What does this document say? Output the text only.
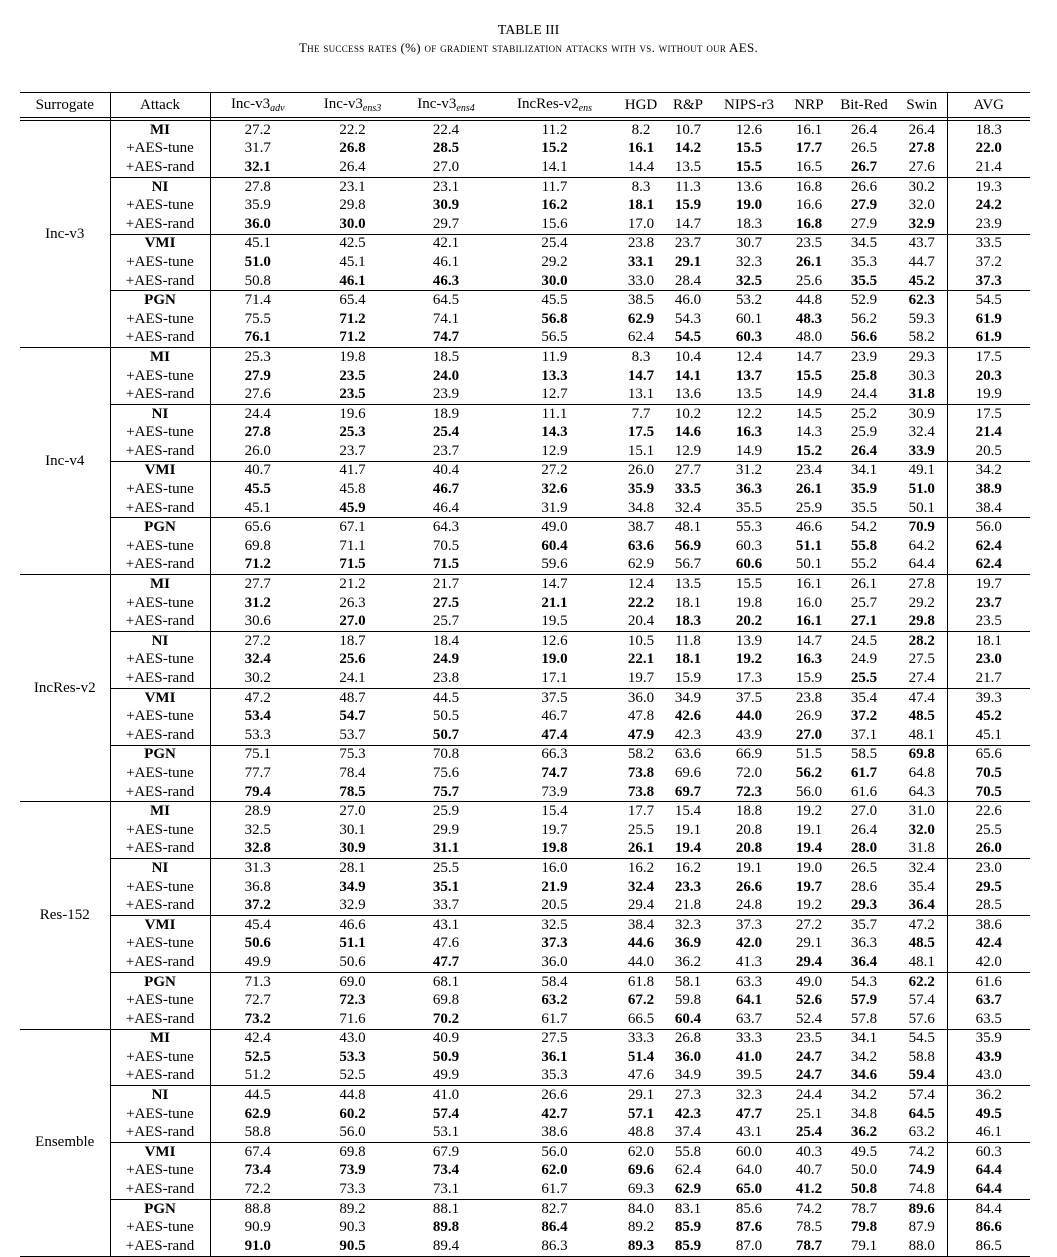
TABLE III
The success rates (%) of gradient stabilization attacks with vs. without our AES.
Surrogate	Attack	Inc-$v3_{adv}$	Inc-$v3_{ens3}$	Inc-$v3_{ens4}$	IncRes-$v2_{ens}$	HGD	R&P	NIPS-r3	NRP	Bit-Red	Swin	AVG

Inc-v3	MI	27.2	22.2	22.4	11.2	8.2	10.7	12.6	16.1	26.4	26.4	18.3
	+AES-tune	31.7	26.8	28.5	15.2	16.1	14.2	15.5	17.7	26.5	27.8	22.0
	+AES-rand	32.1	26.4	27.0	14.1	14.4	13.5	15.5	16.5	26.7	27.6	21.4
	NI	27.8	23.1	23.1	11.7	8.3	11.3	13.6	16.8	26.6	30.2	19.3
	+AES-tune	35.9	29.8	30.9	16.2	18.1	15.9	19.0	16.6	27.9	32.0	24.2
	+AES-rand	36.0	30.0	29.7	15.6	17.0	14.7	18.3	16.8	27.9	32.9	23.9
	VMI	45.1	42.5	42.1	25.4	23.8	23.7	30.7	23.5	34.5	43.7	33.5
	+AES-tune	51.0	45.1	46.1	29.2	33.1	29.1	32.3	26.1	35.3	44.7	37.2
	+AES-rand	50.8	46.1	46.3	30.0	33.0	28.4	32.5	25.6	35.5	45.2	37.3
	PGN	71.4	65.4	64.5	45.5	38.5	46.0	53.2	44.8	52.9	62.3	54.5
	+AES-tune	75.5	71.2	74.1	56.8	62.9	54.3	60.1	48.3	56.2	59.3	61.9
	+AES-rand	76.1	71.2	74.7	56.5	62.4	54.5	60.3	48.0	56.6	58.2	61.9
Inc-v4	MI	25.3	19.8	18.5	11.9	8.3	10.4	12.4	14.7	23.9	29.3	17.5
	+AES-tune	27.9	23.5	24.0	13.3	14.7	14.1	13.7	15.5	25.8	30.3	20.3
	+AES-rand	27.6	23.5	23.9	12.7	13.1	13.6	13.5	14.9	24.4	31.8	19.9
	NI	24.4	19.6	18.9	11.1	7.7	10.2	12.2	14.5	25.2	30.9	17.5
	+AES-tune	27.8	25.3	25.4	14.3	17.5	14.6	16.3	14.3	25.9	32.4	21.4
	+AES-rand	26.0	23.7	23.7	12.9	15.1	12.9	14.9	15.2	26.4	33.9	20.5
	VMI	40.7	41.7	40.4	27.2	26.0	27.7	31.2	23.4	34.1	49.1	34.2
	+AES-tune	45.5	45.8	46.7	32.6	35.9	33.5	36.3	26.1	35.9	51.0	38.9
	+AES-rand	45.1	45.9	46.4	31.9	34.8	32.4	35.5	25.9	35.5	50.1	38.4
	PGN	65.6	67.1	64.3	49.0	38.7	48.1	55.3	46.6	54.2	70.9	56.0
	+AES-tune	69.8	71.1	70.5	60.4	63.6	56.9	60.3	51.1	55.8	64.2	62.4
	+AES-rand	71.2	71.5	71.5	59.6	62.9	56.7	60.6	50.1	55.2	64.4	62.4
IncRes-v2	MI	27.7	21.2	21.7	14.7	12.4	13.5	15.5	16.1	26.1	27.8	19.7
	+AES-tune	31.2	26.3	27.5	21.1	22.2	18.1	19.8	16.0	25.7	29.2	23.7
	+AES-rand	30.6	27.0	25.7	19.5	20.4	18.3	20.2	16.1	27.1	29.8	23.5
	NI	27.2	18.7	18.4	12.6	10.5	11.8	13.9	14.7	24.5	28.2	18.1
	+AES-tune	32.4	25.6	24.9	19.0	22.1	18.1	19.2	16.3	24.9	27.5	23.0
	+AES-rand	30.2	24.1	23.8	17.1	19.7	15.9	17.3	15.9	25.5	27.4	21.7
	VMI	47.2	48.7	44.5	37.5	36.0	34.9	37.5	23.8	35.4	47.4	39.3
	+AES-tune	53.4	54.7	50.5	46.7	47.8	42.6	44.0	26.9	37.2	48.5	45.2
	+AES-rand	53.3	53.7	50.7	47.4	47.9	42.3	43.9	27.0	37.1	48.1	45.1
	PGN	75.1	75.3	70.8	66.3	58.2	63.6	66.9	51.5	58.5	69.8	65.6
	+AES-tune	77.7	78.4	75.6	74.7	73.8	69.6	72.0	56.2	61.7	64.8	70.5
	+AES-rand	79.4	78.5	75.7	73.9	73.8	69.7	72.3	56.0	61.6	64.3	70.5
Res-152	MI	28.9	27.0	25.9	15.4	17.7	15.4	18.8	19.2	27.0	31.0	22.6
	+AES-tune	32.5	30.1	29.9	19.7	25.5	19.1	20.8	19.1	26.4	32.0	25.5
	+AES-rand	32.8	30.9	31.1	19.8	26.1	19.4	20.8	19.4	28.0	31.8	26.0
	NI	31.3	28.1	25.5	16.0	16.2	16.2	19.1	19.0	26.5	32.4	23.0
	+AES-tune	36.8	34.9	35.1	21.9	32.4	23.3	26.6	19.7	28.6	35.4	29.5
	+AES-rand	37.2	32.9	33.7	20.5	29.4	21.8	24.8	19.2	29.3	36.4	28.5
	VMI	45.4	46.6	43.1	32.5	38.4	32.3	37.3	27.2	35.7	47.2	38.6
	+AES-tune	50.6	51.1	47.6	37.3	44.6	36.9	42.0	29.1	36.3	48.5	42.4
	+AES-rand	49.9	50.6	47.7	36.0	44.0	36.2	41.3	29.4	36.4	48.1	42.0
	PGN	71.3	69.0	68.1	58.4	61.8	58.1	63.3	49.0	54.3	62.2	61.6
	+AES-tune	72.7	72.3	69.8	63.2	67.2	59.8	64.1	52.6	57.9	57.4	63.7
	+AES-rand	73.2	71.6	70.2	61.7	66.5	60.4	63.7	52.4	57.8	57.6	63.5
Ensemble	MI	42.4	43.0	40.9	27.5	33.3	26.8	33.3	23.5	34.1	54.5	35.9
	+AES-tune	52.5	53.3	50.9	36.1	51.4	36.0	41.0	24.7	34.2	58.8	43.9
	+AES-rand	51.2	52.5	49.9	35.3	47.6	34.9	39.5	24.7	34.6	59.4	43.0
	NI	44.5	44.8	41.0	26.6	29.1	27.3	32.3	24.4	34.2	57.4	36.2
	+AES-tune	62.9	60.2	57.4	42.7	57.1	42.3	47.7	25.1	34.8	64.5	49.5
	+AES-rand	58.8	56.0	53.1	38.6	48.8	37.4	43.1	25.4	36.2	63.2	46.1
	VMI	67.4	69.8	67.9	56.0	62.0	55.8	60.0	40.3	49.5	74.2	60.3
	+AES-tune	73.4	73.9	73.4	62.0	69.6	62.4	64.0	40.7	50.0	74.9	64.4
	+AES-rand	72.2	73.3	73.1	61.7	69.3	62.9	65.0	41.2	50.8	74.8	64.4
	PGN	88.8	89.2	88.1	82.7	84.0	83.1	85.6	74.2	78.7	89.6	84.4
	+AES-tune	90.9	90.3	89.8	86.4	89.2	85.9	87.6	78.5	79.8	87.9	86.6
	+AES-rand	91.0	90.5	89.4	86.3	89.3	85.9	87.0	78.7	79.1	88.0	86.5
